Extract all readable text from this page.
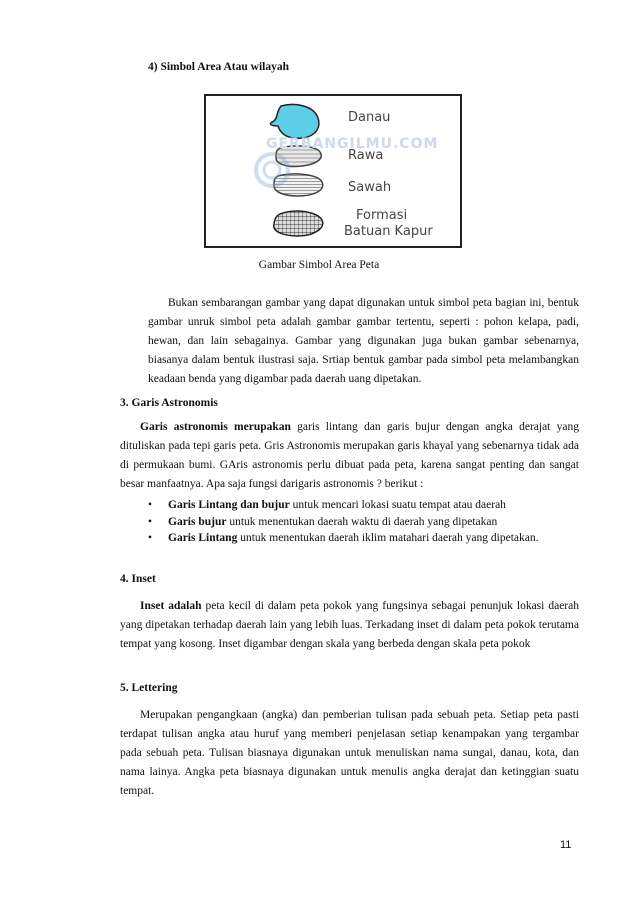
4) Simbol Area Atau wilayah
GERBANGILMU.COM
Danau
Rawa
Sawah
Formasi
Batuan Kapur
Gambar Simbol Area Peta
Bukan sembarangan gambar yang dapat digunakan untuk simbol peta bagian ini, bentuk gambar unruk simbol peta adalah gambar gambar tertentu, seperti : pohon kelapa, padi, hewan, dan lain sebagainya. Gambar yang digunakan juga bukan gambar sebenarnya, biasanya dalam bentuk ilustrasi saja. Srtiap bentuk gambar pada simbol peta melambangkan keadaan benda yang digambar pada daerah uang dipetakan.
3. Garis Astronomis
Garis astronomis merupakan garis lintang dan garis bujur dengan angka derajat yang dituliskan pada tepi garis peta. Gris Astronomis merupakan garis khayal yang sebenarnya tidak ada di permukaan bumi. GAris astronomis perlu dibuat pada peta, karena sangat penting dan sangat besar manfaatnya. Apa saja fungsi darigaris astronomis ? berikut :
• Garis Lintang dan bujur untuk mencari lokasi suatu tempat atau daerah
• Garis bujur untuk menentukan daerah waktu di daerah yang dipetakan
• Garis Lintang untuk menentukan daerah iklim matahari daerah yang dipetakan.
4. Inset
Inset adalah peta kecil di dalam peta pokok yang fungsinya sebagai penunjuk lokasi daerah yang dipetakan terhadap daerah lain yang lebih luas. Terkadang inset di dalam peta pokok terutama tempat yang kosong. Inset digambar dengan skala yang berbeda dengan skala peta pokok
5. Lettering
Merupakan pengangkaan (angka) dan pemberian tulisan pada sebuah peta. Setiap peta pasti terdapat tulisan angka atau huruf yang memberi penjelasan setiap kenampakan yang tergambar pada sebuah peta. Tulisan biasnaya digunakan untuk menuliskan nama sungai, danau, kota, dan nama lainya. Angka peta biasnaya digunakan untuk menulis angka derajat dan ketinggian suatu tempat.
11
